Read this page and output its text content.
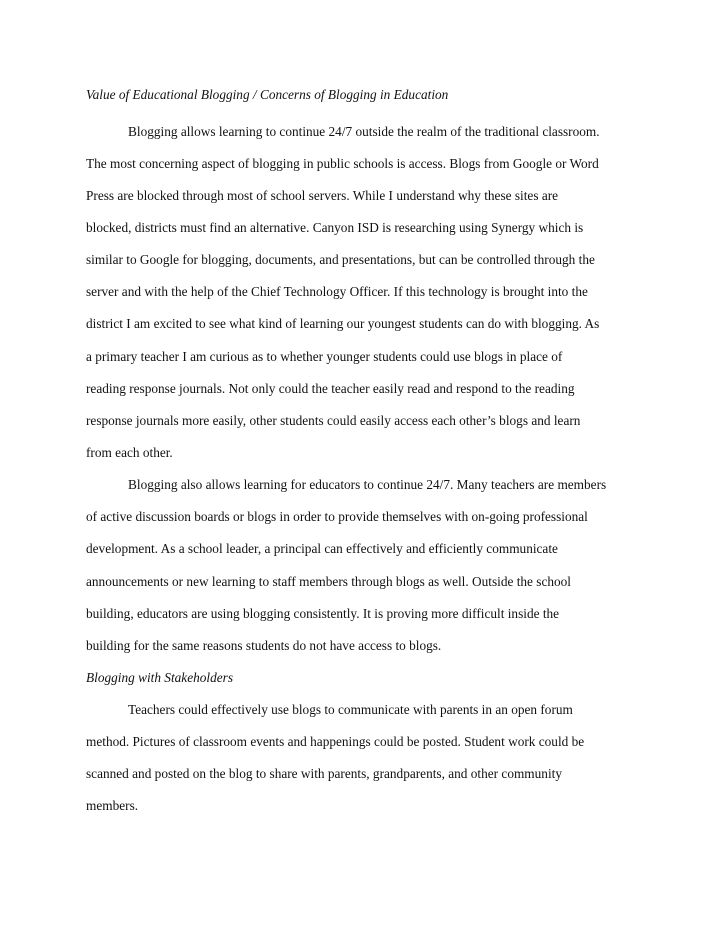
Value of Educational Blogging / Concerns of Blogging in Education
Blogging allows learning to continue 24/7 outside the realm of the traditional classroom.
The most concerning aspect of blogging in public schools is access. Blogs from Google or Word
Press are blocked through most of school servers. While I understand why these sites are
blocked, districts must find an alternative. Canyon ISD is researching using Synergy which is
similar to Google for blogging, documents, and presentations, but can be controlled through the
server and with the help of the Chief Technology Officer. If this technology is brought into the
district I am excited to see what kind of learning our youngest students can do with blogging. As
a primary teacher I am curious as to whether younger students could use blogs in place of
reading response journals. Not only could the teacher easily read and respond to the reading
response journals more easily, other students could easily access each other’s blogs and learn
from each other.
Blogging also allows learning for educators to continue 24/7. Many teachers are members
of active discussion boards or blogs in order to provide themselves with on-going professional
development. As a school leader, a principal can effectively and efficiently communicate
announcements or new learning to staff members through blogs as well. Outside the school
building, educators are using blogging consistently. It is proving more difficult inside the
building for the same reasons students do not have access to blogs.
Blogging with Stakeholders
Teachers could effectively use blogs to communicate with parents in an open forum
method. Pictures of classroom events and happenings could be posted. Student work could be
scanned and posted on the blog to share with parents, grandparents, and other community
members.
